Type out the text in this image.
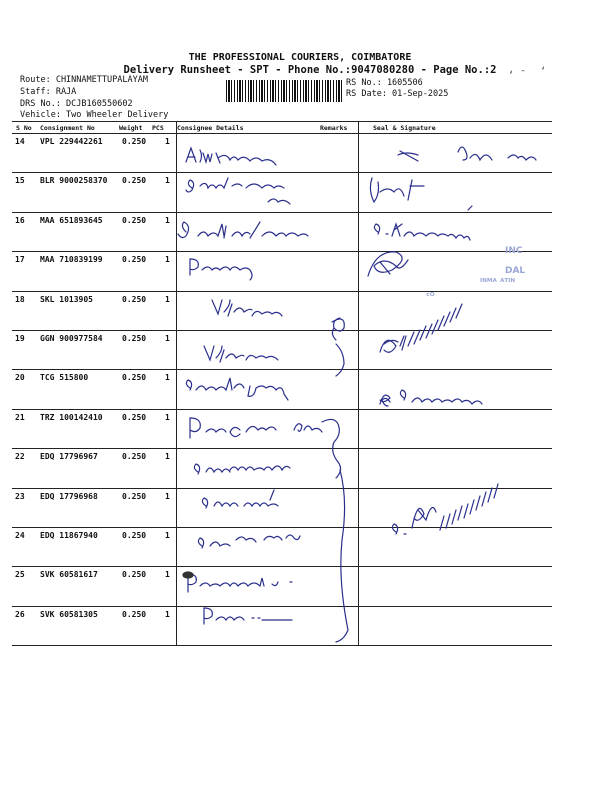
THE PROFESSIONAL COURIERS, COIMBATORE
Delivery Runsheet - SPT - Phone No.:9047080280 - Page No.:2
Route: CHINNAMETTUPALAYAM
Staff: RAJA
DRS No.: DCJB160550602
Vehicle: Two Wheeler Delivery
RS No.: 1605506
RS Date: 01-Sep-2025
ʻ ˉ ʻ
S No Consignment No	Weight PCS Consignee Details	Remarks	Seal & Signature
14 VPL 229442261 0.250 1
15 BLR 9000258370 0.250 1
16 MAA 651893645 0.250 1
17 MAA 710839199 0.250 1
18 SKL 1013905	0.250 1
19 GGN 900977584 0.250 1
20 TCG 515800	0.250 1
21 TRZ 100142410 0.250 1
22 EDQ 17796967	0.250 1
23 EDQ 17796968	0.250 1
24 EDQ 11867940	0.250 1
25 SVK 60581617	0.250 1
26 SVK 60581305	0.250 1
INC
DAL
ᴵᴺᴹᴬ ᴬᵀᴵᴺ
ᶜᴼ
